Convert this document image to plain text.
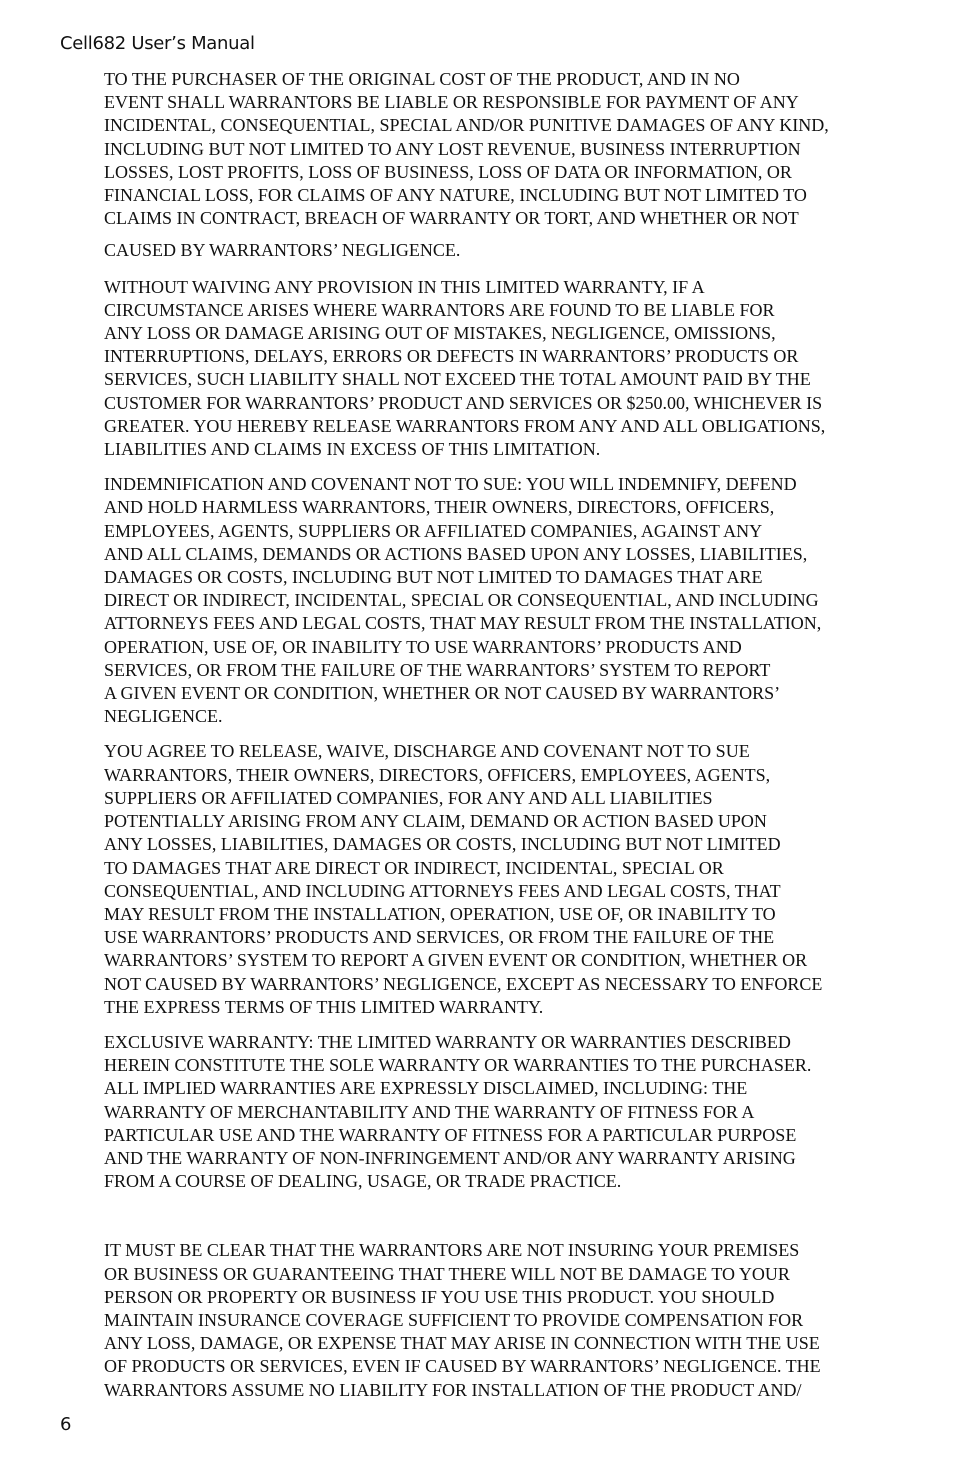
Cell682 User’s Manual

TO THE PURCHASER OF THE ORIGINAL COST OF THE PRODUCT, AND IN NO
EVENT SHALL WARRANTORS BE LIABLE OR RESPONSIBLE FOR PAYMENT OF ANY
INCIDENTAL, CONSEQUENTIAL, SPECIAL AND/OR PUNITIVE DAMAGES OF ANY KIND,
INCLUDING BUT NOT LIMITED TO ANY LOST REVENUE, BUSINESS INTERRUPTION
LOSSES, LOST PROFITS, LOSS OF BUSINESS, LOSS OF DATA OR INFORMATION, OR
FINANCIAL LOSS, FOR CLAIMS OF ANY NATURE, INCLUDING BUT NOT LIMITED TO
CLAIMS IN CONTRACT, BREACH OF WARRANTY OR TORT, AND WHETHER OR NOT

CAUSED BY WARRANTORS’ NEGLIGENCE.

WITHOUT WAIVING ANY PROVISION IN THIS LIMITED WARRANTY, IF A
CIRCUMSTANCE ARISES WHERE WARRANTORS ARE FOUND TO BE LIABLE FOR
ANY LOSS OR DAMAGE ARISING OUT OF MISTAKES, NEGLIGENCE, OMISSIONS,
INTERRUPTIONS, DELAYS, ERRORS OR DEFECTS IN WARRANTORS’ PRODUCTS OR
SERVICES, SUCH LIABILITY SHALL NOT EXCEED THE TOTAL AMOUNT PAID BY THE
CUSTOMER FOR WARRANTORS’ PRODUCT AND SERVICES OR $250.00, WHICHEVER IS
GREATER. YOU HEREBY RELEASE WARRANTORS FROM ANY AND ALL OBLIGATIONS,
LIABILITIES AND CLAIMS IN EXCESS OF THIS LIMITATION.

INDEMNIFICATION AND COVENANT NOT TO SUE: YOU WILL INDEMNIFY, DEFEND
AND HOLD HARMLESS WARRANTORS, THEIR OWNERS, DIRECTORS, OFFICERS,
EMPLOYEES, AGENTS, SUPPLIERS OR AFFILIATED COMPANIES, AGAINST ANY
AND ALL CLAIMS, DEMANDS OR ACTIONS BASED UPON ANY LOSSES, LIABILITIES,
DAMAGES OR COSTS, INCLUDING BUT NOT LIMITED TO DAMAGES THAT ARE
DIRECT OR INDIRECT, INCIDENTAL, SPECIAL OR CONSEQUENTIAL, AND INCLUDING
ATTORNEYS FEES AND LEGAL COSTS, THAT MAY RESULT FROM THE INSTALLATION,
OPERATION, USE OF, OR INABILITY TO USE WARRANTORS’ PRODUCTS AND
SERVICES, OR FROM THE FAILURE OF THE WARRANTORS’ SYSTEM TO REPORT
A GIVEN EVENT OR CONDITION, WHETHER OR NOT CAUSED BY WARRANTORS’
NEGLIGENCE.

YOU AGREE TO RELEASE, WAIVE, DISCHARGE AND COVENANT NOT TO SUE
WARRANTORS, THEIR OWNERS, DIRECTORS, OFFICERS, EMPLOYEES, AGENTS,
SUPPLIERS OR AFFILIATED COMPANIES, FOR ANY AND ALL LIABILITIES
POTENTIALLY ARISING FROM ANY CLAIM, DEMAND OR ACTION BASED UPON
ANY LOSSES, LIABILITIES, DAMAGES OR COSTS, INCLUDING BUT NOT LIMITED
TO DAMAGES THAT ARE DIRECT OR INDIRECT, INCIDENTAL, SPECIAL OR
CONSEQUENTIAL, AND INCLUDING ATTORNEYS FEES AND LEGAL COSTS, THAT
MAY RESULT FROM THE INSTALLATION, OPERATION, USE OF, OR INABILITY TO
USE WARRANTORS’ PRODUCTS AND SERVICES, OR FROM THE FAILURE OF THE
WARRANTORS’ SYSTEM TO REPORT A GIVEN EVENT OR CONDITION, WHETHER OR
NOT CAUSED BY WARRANTORS’ NEGLIGENCE, EXCEPT AS NECESSARY TO ENFORCE
THE EXPRESS TERMS OF THIS LIMITED WARRANTY.

EXCLUSIVE WARRANTY: THE LIMITED WARRANTY OR WARRANTIES DESCRIBED
HEREIN CONSTITUTE THE SOLE WARRANTY OR WARRANTIES TO THE PURCHASER.
ALL IMPLIED WARRANTIES ARE EXPRESSLY DISCLAIMED, INCLUDING: THE
WARRANTY OF MERCHANTABILITY AND THE WARRANTY OF FITNESS FOR A
PARTICULAR USE AND THE WARRANTY OF FITNESS FOR A PARTICULAR PURPOSE
AND THE WARRANTY OF NON-INFRINGEMENT AND/OR ANY WARRANTY ARISING
FROM A COURSE OF DEALING, USAGE, OR TRADE PRACTICE.

IT MUST BE CLEAR THAT THE WARRANTORS ARE NOT INSURING YOUR PREMISES
OR BUSINESS OR GUARANTEEING THAT THERE WILL NOT BE DAMAGE TO YOUR
PERSON OR PROPERTY OR BUSINESS IF YOU USE THIS PRODUCT. YOU SHOULD
MAINTAIN INSURANCE COVERAGE SUFFICIENT TO PROVIDE COMPENSATION FOR
ANY LOSS, DAMAGE, OR EXPENSE THAT MAY ARISE IN CONNECTION WITH THE USE
OF PRODUCTS OR SERVICES, EVEN IF CAUSED BY WARRANTORS’ NEGLIGENCE. THE
WARRANTORS ASSUME NO LIABILITY FOR INSTALLATION OF THE PRODUCT AND/

6
